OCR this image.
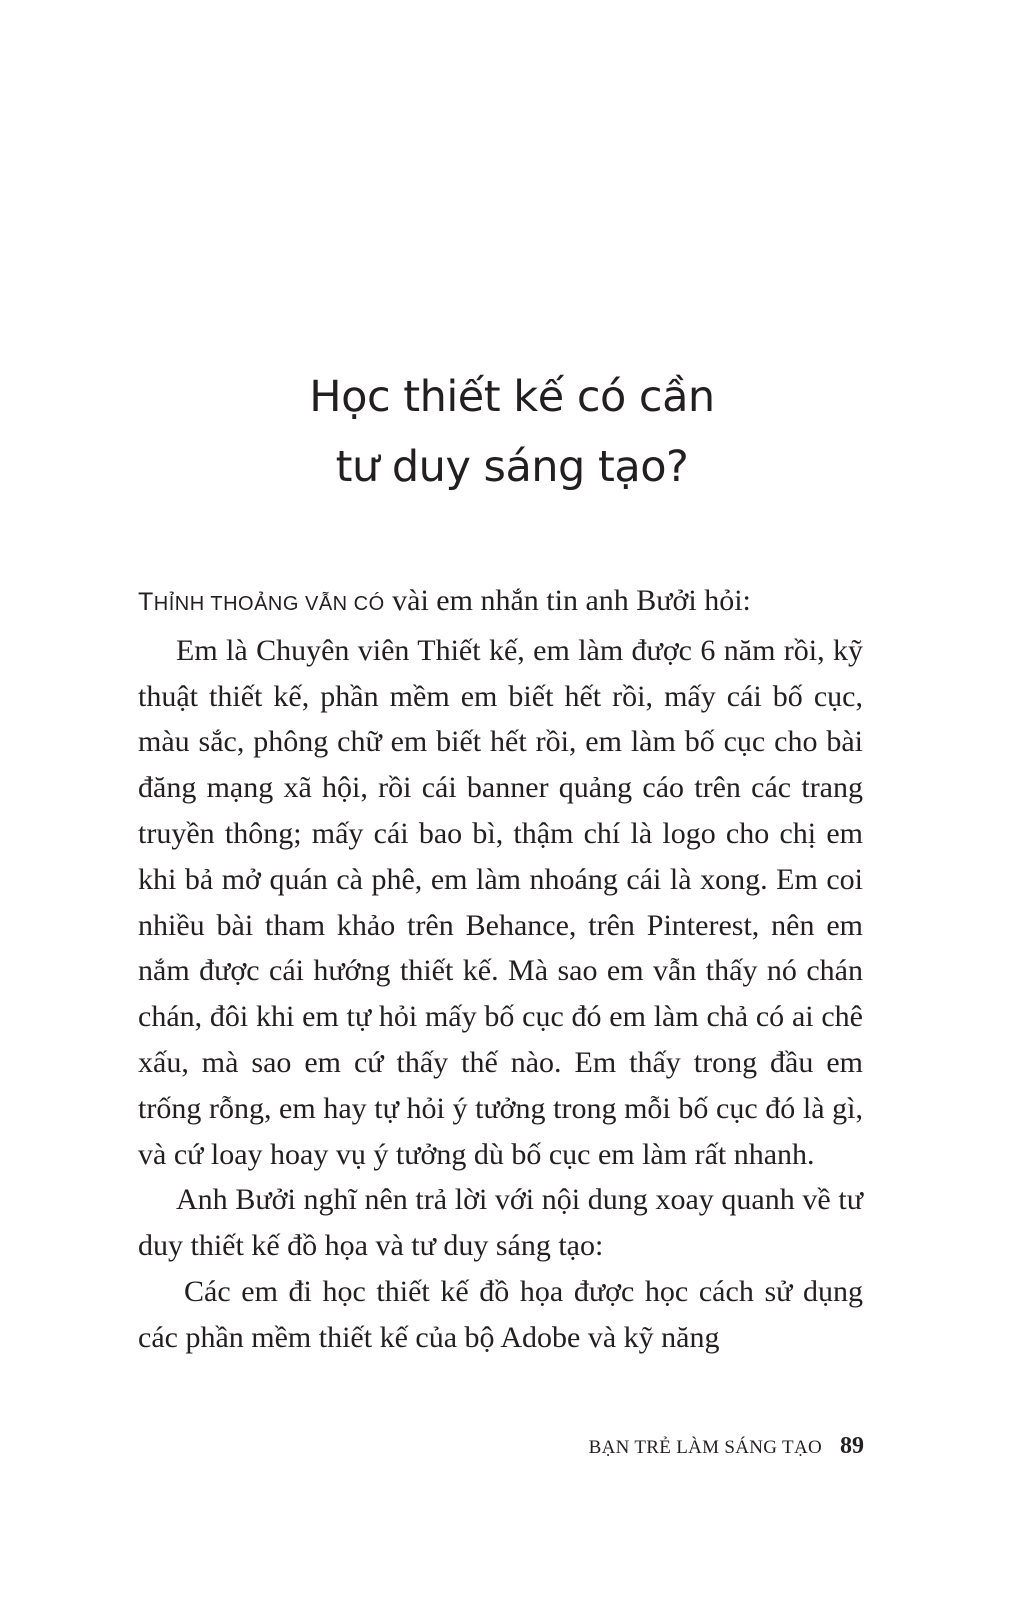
Học thiết kế có cần
tư duy sáng tạo?

THỈNH THOẢNG VẪN CÓ vài em nhắn tin anh Bưởi hỏi:

Em là Chuyên viên Thiết kế, em làm được 6 năm rồi, kỹ thuật thiết kế, phần mềm em biết hết rồi, mấy cái bố cục, màu sắc, phông chữ em biết hết rồi, em làm bố cục cho bài đăng mạng xã hội, rồi cái banner quảng cáo trên các trang truyền thông; mấy cái bao bì, thậm chí là logo cho chị em khi bả mở quán cà phê, em làm nhoáng cái là xong. Em coi nhiều bài tham khảo trên Behance, trên Pinterest, nên em nắm được cái hướng thiết kế. Mà sao em vẫn thấy nó chán chán, đôi khi em tự hỏi mấy bố cục đó em làm chả có ai chê xấu, mà sao em cứ thấy thế nào. Em thấy trong đầu em trống rỗng, em hay tự hỏi ý tưởng trong mỗi bố cục đó là gì, và cứ loay hoay vụ ý tưởng dù bố cục em làm rất nhanh.

Anh Bưởi nghĩ nên trả lời với nội dung xoay quanh về tư duy thiết kế đồ họa và tư duy sáng tạo:

Các em đi học thiết kế đồ họa được học cách sử dụng các phần mềm thiết kế của bộ Adobe và kỹ năng

BẠN TRẺ LÀM SÁNG TẠO 89
